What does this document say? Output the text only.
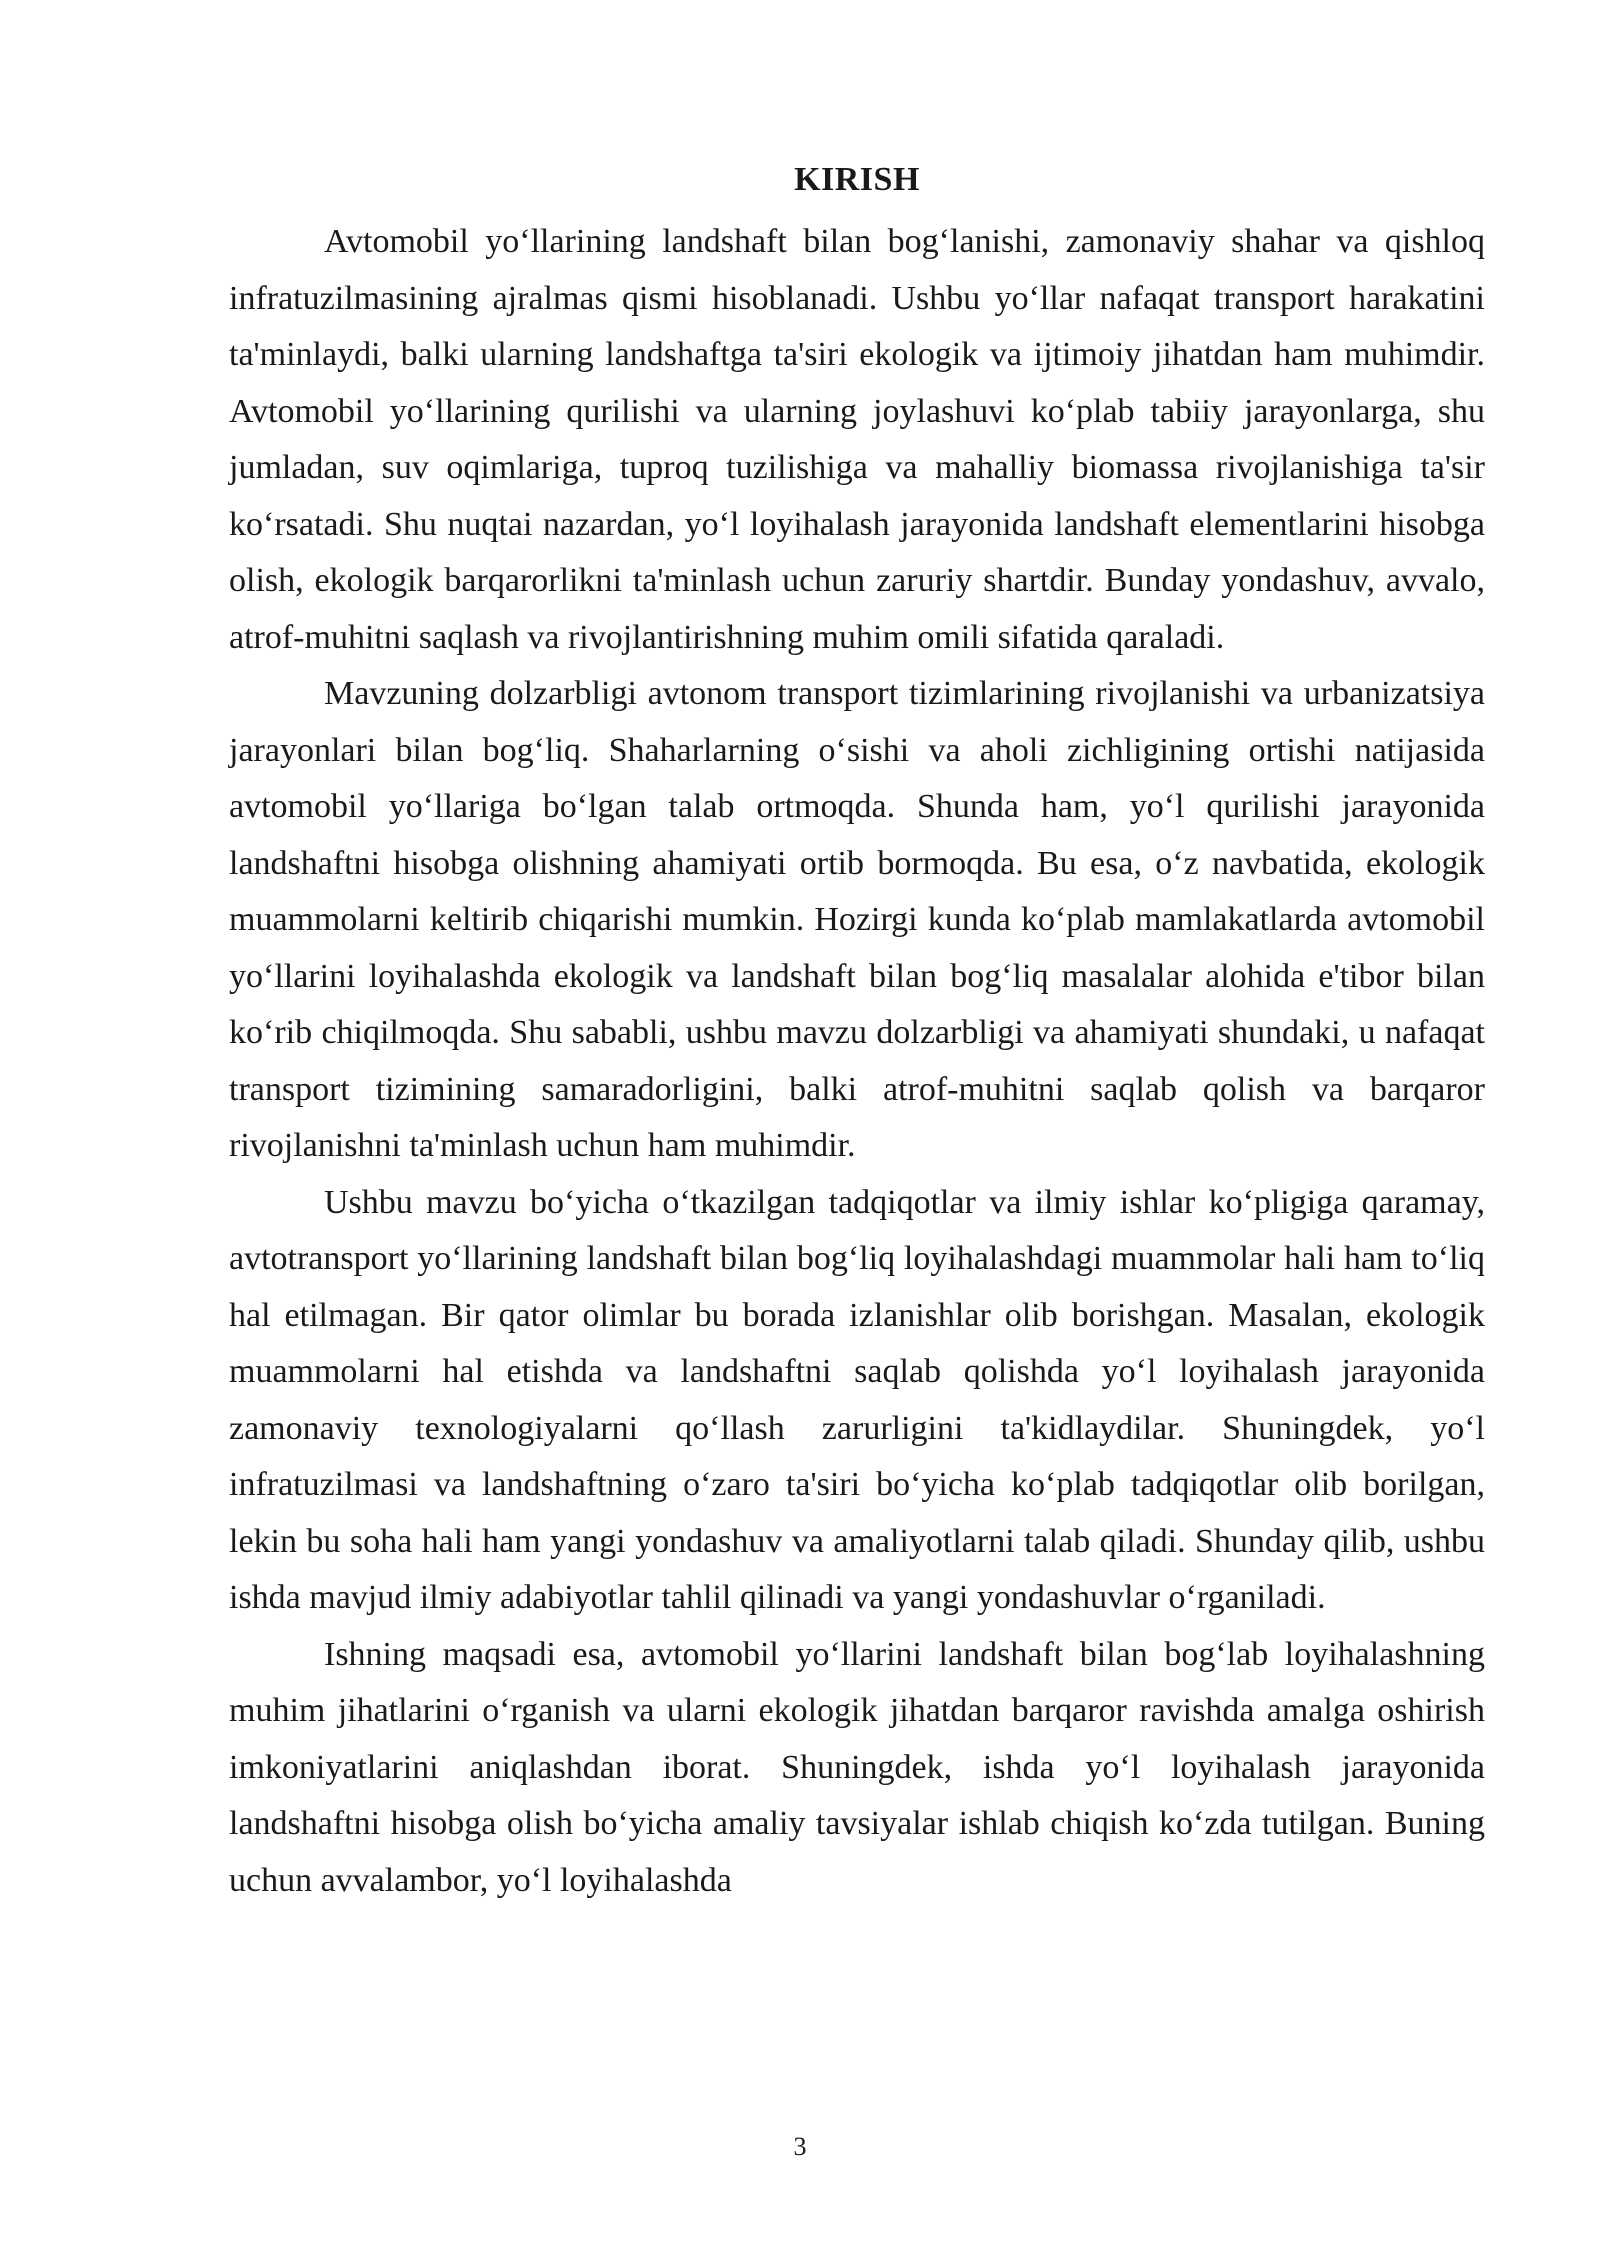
KIRISH

Avtomobil yo‘llarining landshaft bilan bog‘lanishi, zamonaviy shahar va qishloq infratuzilmasining ajralmas qismi hisoblanadi. Ushbu yo‘llar nafaqat transport harakatini ta'minlaydi, balki ularning landshaftga ta'siri ekologik va ijtimoiy jihatdan ham muhimdir. Avtomobil yo‘llarining qurilishi va ularning joylashuvi ko‘plab tabiiy jarayonlarga, shu jumladan, suv oqimlariga, tuproq tuzilishiga va mahalliy biomassa rivojlanishiga ta'sir ko‘rsatadi. Shu nuqtai nazardan, yo‘l loyihalash jarayonida landshaft elementlarini hisobga olish, ekologik barqarorlikni ta'minlash uchun zaruriy shartdir. Bunday yondashuv, avvalo, atrof-muhitni saqlash va rivojlantirishning muhim omili sifatida qaraladi.

Mavzuning dolzarbligi avtonom transport tizimlarining rivojlanishi va urbanizatsiya jarayonlari bilan bog‘liq. Shaharlarning o‘sishi va aholi zichligining ortishi natijasida avtomobil yo‘llariga bo‘lgan talab ortmoqda. Shunda ham, yo‘l qurilishi jarayonida landshaftni hisobga olishning ahamiyati ortib bormoqda. Bu esa, o‘z navbatida, ekologik muammolarni keltirib chiqarishi mumkin. Hozirgi kunda ko‘plab mamlakatlarda avtomobil yo‘llarini loyihalashda ekologik va landshaft bilan bog‘liq masalalar alohida e'tibor bilan ko‘rib chiqilmoqda. Shu sababli, ushbu mavzu dolzarbligi va ahamiyati shundaki, u nafaqat transport tizimining samaradorligini, balki atrof-muhitni saqlab qolish va barqaror rivojlanishni ta'minlash uchun ham muhimdir.

Ushbu mavzu bo‘yicha o‘tkazilgan tadqiqotlar va ilmiy ishlar ko‘pligiga qaramay, avtotransport yo‘llarining landshaft bilan bog‘liq loyihalashdagi muammolar hali ham to‘liq hal etilmagan. Bir qator olimlar bu borada izlanishlar olib borishgan. Masalan, ekologik muammolarni hal etishda va landshaftni saqlab qolishda yo‘l loyihalash jarayonida zamonaviy texnologiyalarni qo‘llash zarurligini ta'kidlaydilar. Shuningdek, yo‘l infratuzilmasi va landshaftning o‘zaro ta'siri bo‘yicha ko‘plab tadqiqotlar olib borilgan, lekin bu soha hali ham yangi yondashuv va amaliyotlarni talab qiladi. Shunday qilib, ushbu ishda mavjud ilmiy adabiyotlar tahlil qilinadi va yangi yondashuvlar o‘rganiladi.

Ishning maqsadi esa, avtomobil yo‘llarini landshaft bilan bog‘lab loyihalashning muhim jihatlarini o‘rganish va ularni ekologik jihatdan barqaror ravishda amalga oshirish imkoniyatlarini aniqlashdan iborat. Shuningdek, ishda yo‘l loyihalash jarayonida landshaftni hisobga olish bo‘yicha amaliy tavsiyalar ishlab chiqish ko‘zda tutilgan. Buning uchun avvalambor, yo‘l loyihalashda

3
